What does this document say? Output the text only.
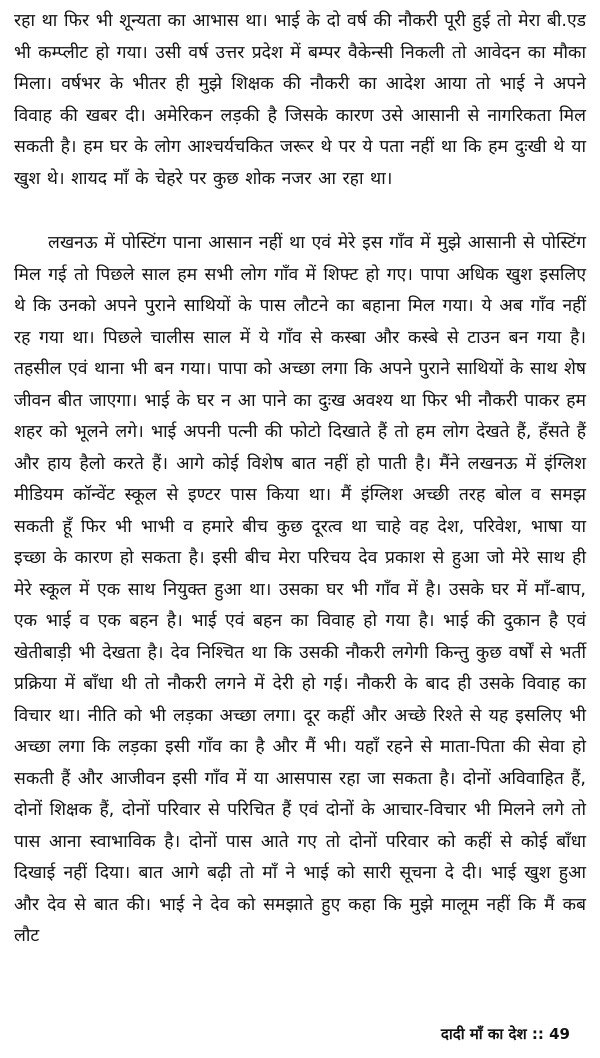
रहा था फिर भी शून्यता का आभास था। भाई के दो वर्ष की नौकरी पूरी हुई तो मेरा बी.एड भी कम्प्लीट हो गया। उसी वर्ष उत्तर प्रदेश में बम्पर वैकेन्सी निकली तो आवेदन का मौका मिला। वर्षभर के भीतर ही मुझे शिक्षक की नौकरी का आदेश आया तो भाई ने अपने विवाह की खबर दी। अमेरिकन लड़की है जिसके कारण उसे आसानी से नागरिकता मिल सकती है। हम घर के लोग आश्चर्यचकित जरूर थे पर ये पता नहीं था कि हम दुःखी थे या खुश थे। शायद माँ के चेहरे पर कुछ शोक नजर आ रहा था।

लखनऊ में पोस्टिंग पाना आसान नहीं था एवं मेरे इस गाँव में मुझे आसानी से पोस्टिंग मिल गई तो पिछले साल हम सभी लोग गाँव में शिफ्ट हो गए। पापा अधिक खुश इसलिए थे कि उनको अपने पुराने साथियों के पास लौटने का बहाना मिल गया। ये अब गाँव नहीं रह गया था। पिछले चालीस साल में ये गाँव से कस्बा और कस्बे से टाउन बन गया है। तहसील एवं थाना भी बन गया। पापा को अच्छा लगा कि अपने पुराने साथियों के साथ शेष जीवन बीत जाएगा। भाई के घर न आ पाने का दुःख अवश्य था फिर भी नौकरी पाकर हम शहर को भूलने लगे। भाई अपनी पत्नी की फोटो दिखाते हैं तो हम लोग देखते हैं, हँसते हैं और हाय हैलो करते हैं। आगे कोई विशेष बात नहीं हो पाती है। मैंने लखनऊ में इंग्लिश मीडियम कॉन्वेंट स्कूल से इण्टर पास किया था। मैं इंग्लिश अच्छी तरह बोल व समझ सकती हूँ फिर भी भाभी व हमारे बीच कुछ दूरत्व था चाहे वह देश, परिवेश, भाषा या इच्छा के कारण हो सकता है। इसी बीच मेरा परिचय देव प्रकाश से हुआ जो मेरे साथ ही मेरे स्कूल में एक साथ नियुक्त हुआ था। उसका घर भी गाँव में है। उसके घर में माँ-बाप, एक भाई व एक बहन है। भाई एवं बहन का विवाह हो गया है। भाई की दुकान है एवं खेतीबाड़ी भी देखता है। देव निश्चित था कि उसकी नौकरी लगेगी किन्तु कुछ वर्षों से भर्ती प्रक्रिया में बाँधा थी तो नौकरी लगने में देरी हो गई। नौकरी के बाद ही उसके विवाह का विचार था। नीति को भी लड़का अच्छा लगा। दूर कहीं और अच्छे रिश्ते से यह इसलिए भी अच्छा लगा कि लड़का इसी गाँव का है और मैं भी। यहाँ रहने से माता-पिता की सेवा हो सकती हैं और आजीवन इसी गाँव में या आसपास रहा जा सकता है। दोनों अविवाहित हैं, दोनों शिक्षक हैं, दोनों परिवार से परिचित हैं एवं दोनों के आचार-विचार भी मिलने लगे तो पास आना स्वाभाविक है। दोनों पास आते गए तो दोनों परिवार को कहीं से कोई बाँधा दिखाई नहीं दिया। बात आगे बढ़ी तो माँ ने भाई को सारी सूचना दे दी। भाई खुश हुआ और देव से बात की। भाई ने देव को समझाते हुए कहा कि मुझे मालूम नहीं कि मैं कब लौट

दादी माँ का देश :: 49
